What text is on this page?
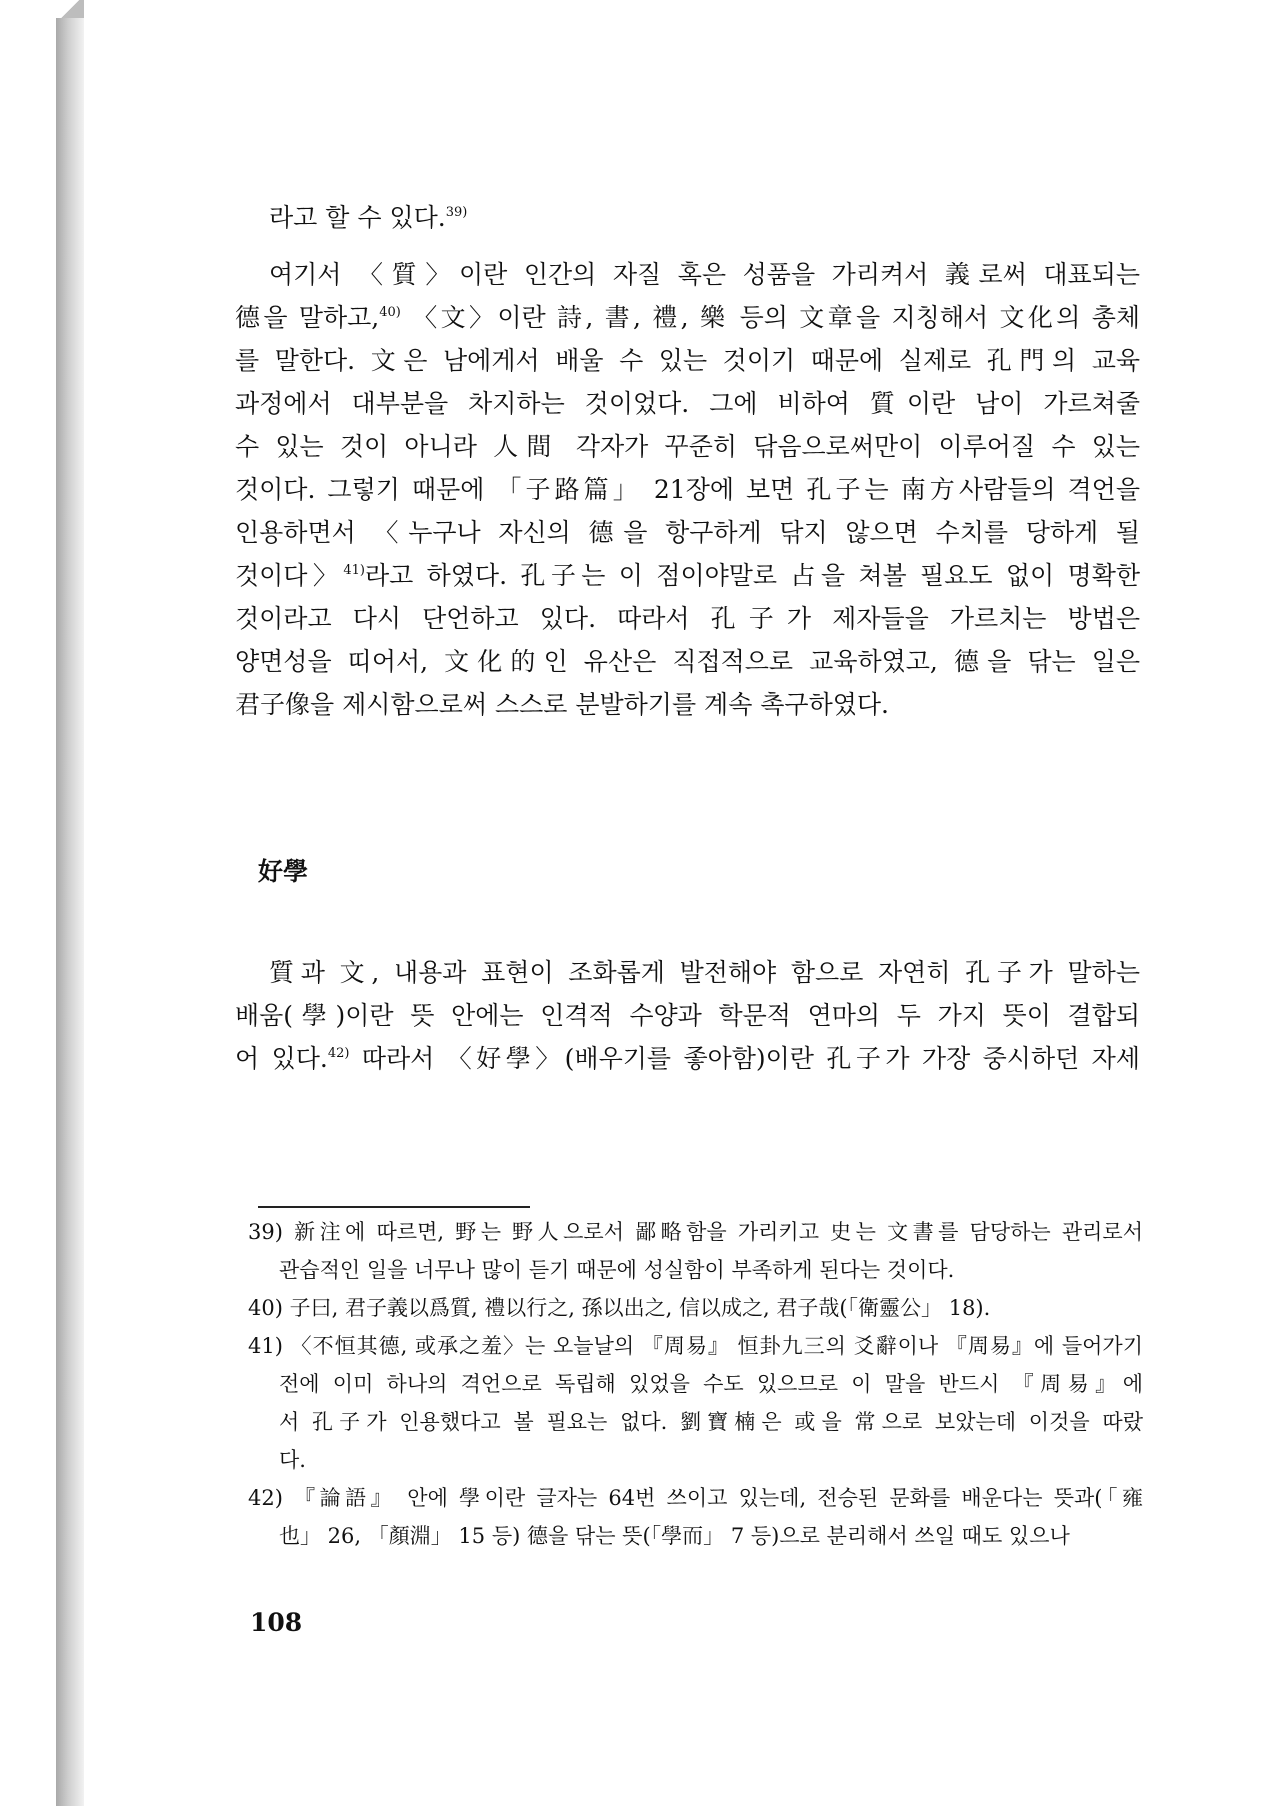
라고 할 수 있다.$^{39)}$
여기서 〈質〉이란 인간의 자질 혹은 성품을 가리켜서 義로써 대표되는
德을 말하고,$^{40)}$ 〈文〉이란 詩, 書, 禮, 樂 등의 文章을 지칭해서 文化의 총체
를 말한다. 文은 남에게서 배울 수 있는 것이기 때문에 실제로 孔門의 교육
과정에서 대부분을 차지하는 것이었다. 그에 비하여 質이란 남이 가르쳐줄
수 있는 것이 아니라 人間 각자가 꾸준히 닦음으로써만이 이루어질 수 있는
것이다. 그렇기 때문에 「子路篇」 21장에 보면 孔子는 南方사람들의 격언을
인용하면서 〈누구나 자신의 德을 항구하게 닦지 않으면 수치를 당하게 될
것이다〉$^{41)}$라고 하였다. 孔子는 이 점이야말로 占을 쳐볼 필요도 없이 명확한
것이라고 다시 단언하고 있다. 따라서 孔子가 제자들을 가르치는 방법은
양면성을 띠어서, 文化的인 유산은 직접적으로 교육하였고, 德을 닦는 일은
君子像을 제시함으로써 스스로 분발하기를 계속 촉구하였다.
好學
質과 文, 내용과 표현이 조화롭게 발전해야 함으로 자연히 孔子가 말하는
배움(學)이란 뜻 안에는 인격적 수양과 학문적 연마의 두 가지 뜻이 결합되
어 있다.$^{42)}$ 따라서 〈好學〉(배우기를 좋아함)이란 孔子가 가장 중시하던 자세
39) 新注에 따르면, 野는 野人으로서 鄙略함을 가리키고 史는 文書를 담당하는 관리로서
관습적인 일을 너무나 많이 듣기 때문에 성실함이 부족하게 된다는 것이다.
40) 子曰, 君子義以爲質, 禮以行之, 孫以出之, 信以成之, 君子哉(「衛靈公」 18).
41) 〈不恒其德, 或承之羞〉는 오늘날의 『周易』 恒卦九三의 爻辭이나 『周易』에 들어가기
전에 이미 하나의 격언으로 독립해 있었을 수도 있으므로 이 말을 반드시 『周易』에
서 孔子가 인용했다고 볼 필요는 없다. 劉寶楠은 或을 常으로 보았는데 이것을 따랐
다.
42) 『論語』 안에 學이란 글자는 64번 쓰이고 있는데, 전승된 문화를 배운다는 뜻과(「雍
也」 26, 「顏淵」 15 등) 德을 닦는 뜻(「學而」 7 등)으로 분리해서 쓰일 때도 있으나
108
